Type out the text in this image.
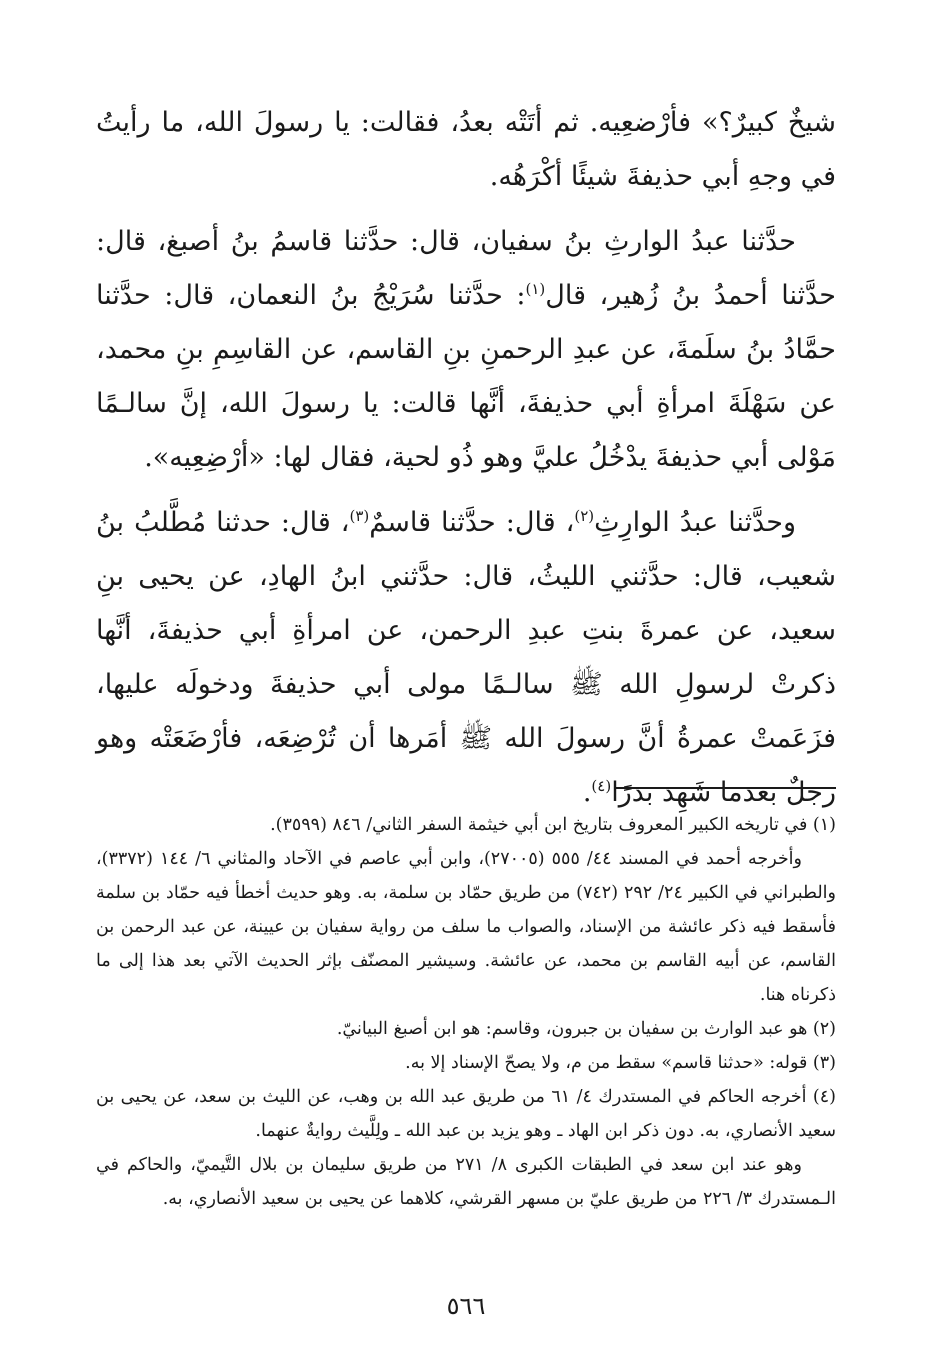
شيخٌ كبيرٌ؟» فأرْضعِيه. ثم أتَتْه بعدُ، فقالت: يا رسولَ الله، ما رأيتُ في وجهِ أبي حذيفةَ شيئًا أكْرَهُه.

حدَّثنا عبدُ الوارثِ بنُ سفيان، قال: حدَّثنا قاسمُ بنُ أصبغ، قال: حدَّثنا أحمدُ بنُ زُهير، قال$^{(١)}$: حدَّثنا سُرَيْجُ بنُ النعمان، قال: حدَّثنا حمَّادُ بنُ سلَمةَ، عن عبدِ الرحمنِ بنِ القاسم، عن القاسِمِ بنِ محمد، عن سَهْلَةَ امرأةِ أبي حذيفةَ، أنَّها قالت: يا رسولَ الله، إنَّ سالـمًا مَوْلى أبي حذيفةَ يدْخُلُ عليَّ وهو ذُو لحية، فقال لها: «أرْضِعِيه».

وحدَّثنا عبدُ الوارِثِ$^{(٢)}$، قال: حدَّثنا قاسمٌ$^{(٣)}$، قال: حدثنا مُطَّلبُ بنُ شعيب، قال: حدَّثني الليثُ، قال: حدَّثني ابنُ الهادِ، عن يحيى بنِ سعيد، عن عمرةَ بنتِ عبدِ الرحمن، عن امرأةِ أبي حذيفةَ، أنَّها ذكرتْ لرسولِ الله ﷺ سالـمًا مولى أبي حذيفةَ ودخولَه عليها، فزَعَمتْ عمرةُ أنَّ رسولَ الله ﷺ أمَرها أن تُرْضِعَه، فأرْضَعَتْه وهو رجلٌ بعدما شَهِد بدرًا$^{(٤)}$.

(١) في تاريخه الكبير المعروف بتاريخ ابن أبي خيثمة السفر الثاني/ ٨٤٦ (٣٥٩٩).

وأخرجه أحمد في المسند ٤٤/ ٥٥٥ (٢٧٠٠٥)، وابن أبي عاصم في الآحاد والمثاني ٦/ ١٤٤ (٣٣٧٢)، والطبراني في الكبير ٢٤/ ٢٩٢ (٧٤٢) من طريق حمّاد بن سلمة، به. وهو حديث أخطأ فيه حمّاد بن سلمة فأسقط فيه ذكر عائشة من الإسناد، والصواب ما سلف من رواية سفيان بن عيينة، عن عبد الرحمن بن القاسم، عن أبيه القاسم بن محمد، عن عائشة. وسيشير المصنّف بإثر الحديث الآتي بعد هذا إلى ما ذكرناه هنا.

(٢) هو عبد الوارث بن سفيان بن جبرون، وقاسم: هو ابن أصبغ البيانيّ.

(٣) قوله: «حدثنا قاسم» سقط من م، ولا يصحّ الإسناد إلا به.

(٤) أخرجه الحاكم في المستدرك ٤/ ٦١ من طريق عبد الله بن وهب، عن الليث بن سعد، عن يحيى بن سعيد الأنصاري، به. دون ذكر ابن الهاد ـ وهو يزيد بن عبد الله ـ ولِلَّيث روايةٌ عنهما.

وهو عند ابن سعد في الطبقات الكبرى ٨/ ٢٧١ من طريق سليمان بن بلال التَّيميّ، والحاكم في الـمستدرك ٣/ ٢٢٦ من طريق عليّ بن مسهر القرشي، كلاهما عن يحيى بن سعيد الأنصاري، به.

٥٦٦
